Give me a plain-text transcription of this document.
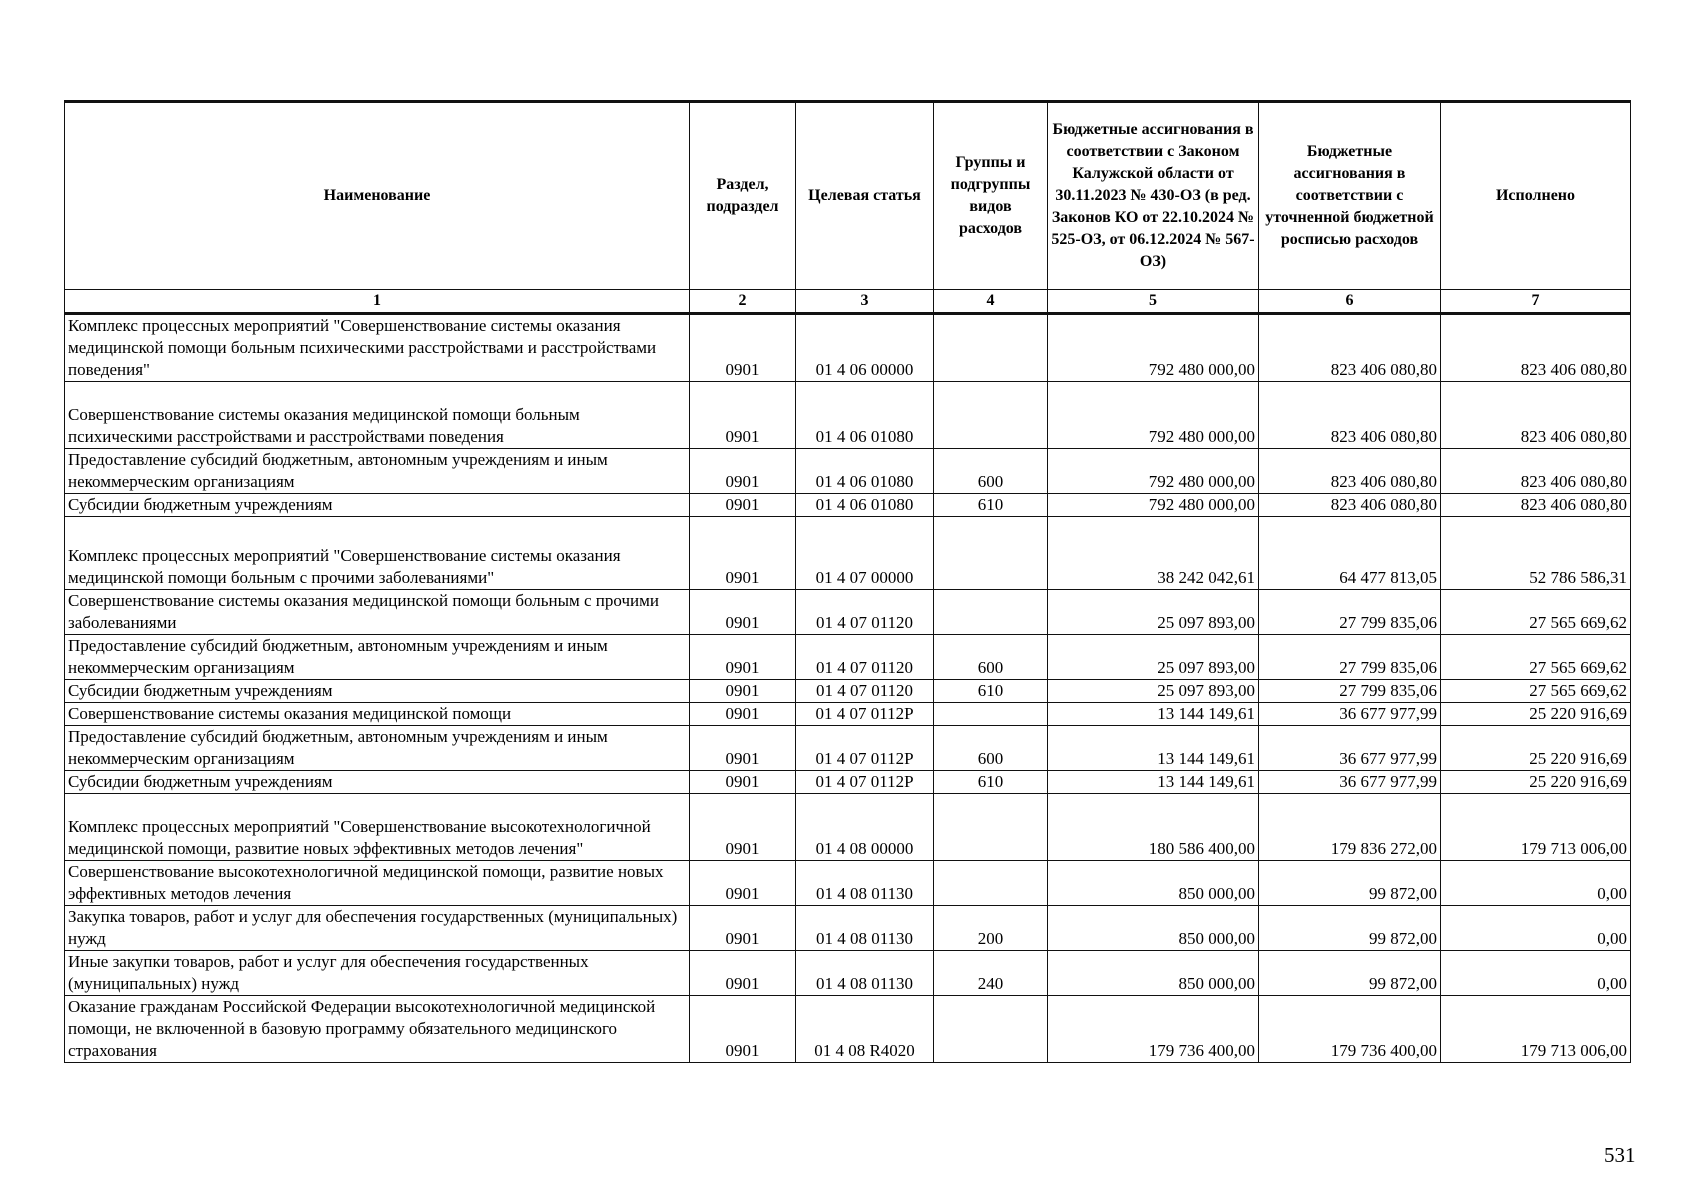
Наименование	Раздел, подраздел	Целевая статья	Группы и подгруппы видов расходов	Бюджетные ассигнования в соответствии с Законом Калужской области от 30.11.2023 № 430-ОЗ (в ред. Законов КО от 22.10.2024 № 525-ОЗ, от 06.12.2024 № 567-ОЗ)	Бюджетные ассигнования в соответствии с уточненной бюджетной росписью расходов	Исполнено
1	2	3	4	5	6	7
Комплекс процессных мероприятий "Совершенствование системы оказания медицинской помощи больным психическими расстройствами и расстройствами поведения"	0901	01 4 06 00000		792 480 000,00	823 406 080,80	823 406 080,80
Совершенствование системы оказания медицинской помощи больным психическими расстройствами и расстройствами поведения	0901	01 4 06 01080		792 480 000,00	823 406 080,80	823 406 080,80
Предоставление субсидий бюджетным, автономным учреждениям и иным некоммерческим организациям	0901	01 4 06 01080	600	792 480 000,00	823 406 080,80	823 406 080,80
Субсидии бюджетным учреждениям	0901	01 4 06 01080	610	792 480 000,00	823 406 080,80	823 406 080,80
Комплекс процессных мероприятий "Совершенствование системы оказания медицинской помощи больным с прочими заболеваниями"	0901	01 4 07 00000		38 242 042,61	64 477 813,05	52 786 586,31
Совершенствование системы оказания медицинской помощи больным с прочими заболеваниями	0901	01 4 07 01120		25 097 893,00	27 799 835,06	27 565 669,62
Предоставление субсидий бюджетным, автономным учреждениям и иным некоммерческим организациям	0901	01 4 07 01120	600	25 097 893,00	27 799 835,06	27 565 669,62
Субсидии бюджетным учреждениям	0901	01 4 07 01120	610	25 097 893,00	27 799 835,06	27 565 669,62
Совершенствование системы оказания медицинской помощи	0901	01 4 07 0112Р		13 144 149,61	36 677 977,99	25 220 916,69
Предоставление субсидий бюджетным, автономным учреждениям и иным некоммерческим организациям	0901	01 4 07 0112Р	600	13 144 149,61	36 677 977,99	25 220 916,69
Субсидии бюджетным учреждениям	0901	01 4 07 0112Р	610	13 144 149,61	36 677 977,99	25 220 916,69
Комплекс процессных мероприятий "Совершенствование высокотехнологичной медицинской помощи, развитие новых эффективных методов лечения"	0901	01 4 08 00000		180 586 400,00	179 836 272,00	179 713 006,00
Совершенствование высокотехнологичной медицинской помощи, развитие новых эффективных методов лечения	0901	01 4 08 01130		850 000,00	99 872,00	0,00
Закупка товаров, работ и услуг для обеспечения государственных (муниципальных) нужд	0901	01 4 08 01130	200	850 000,00	99 872,00	0,00
Иные закупки товаров, работ и услуг для обеспечения государственных (муниципальных) нужд	0901	01 4 08 01130	240	850 000,00	99 872,00	0,00
Оказание гражданам Российской Федерации высокотехнологичной медицинской помощи, не включенной в базовую программу обязательного медицинского страхования	0901	01 4 08 R4020		179 736 400,00	179 736 400,00	179 713 006,00
531
